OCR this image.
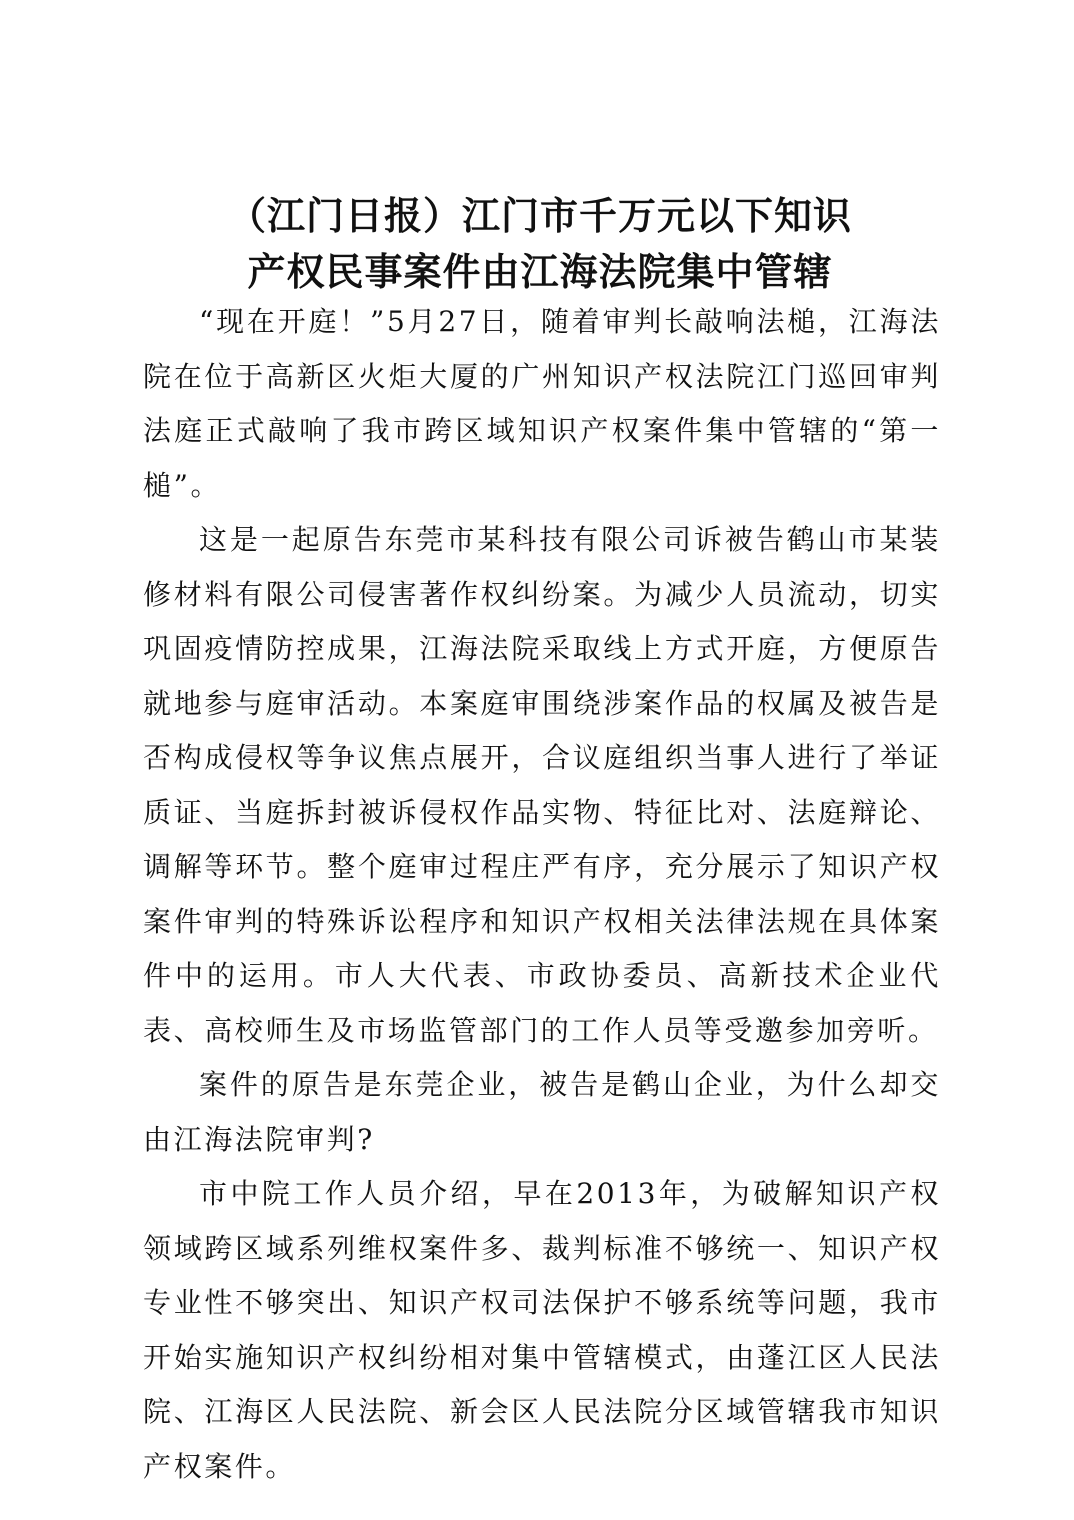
（江门日报）江门市千万元以下知识
产权民事案件由江海法院集中管辖

“现在开庭！”5月27日，随着审判长敲响法槌，江海法院在位于高新区火炬大厦的广州知识产权法院江门巡回审判法庭正式敲响了我市跨区域知识产权案件集中管辖的“第一槌”。

这是一起原告东莞市某科技有限公司诉被告鹤山市某装修材料有限公司侵害著作权纠纷案。为减少人员流动，切实巩固疫情防控成果，江海法院采取线上方式开庭，方便原告就地参与庭审活动。本案庭审围绕涉案作品的权属及被告是否构成侵权等争议焦点展开，合议庭组织当事人进行了举证质证、当庭拆封被诉侵权作品实物、特征比对、法庭辩论、调解等环节。整个庭审过程庄严有序，充分展示了知识产权案件审判的特殊诉讼程序和知识产权相关法律法规在具体案件中的运用。市人大代表、市政协委员、高新技术企业代表、高校师生及市场监管部门的工作人员等受邀参加旁听。

案件的原告是东莞企业，被告是鹤山企业，为什么却交由江海法院审判?

市中院工作人员介绍，早在2013年，为破解知识产权领域跨区域系列维权案件多、裁判标准不够统一、知识产权专业性不够突出、知识产权司法保护不够系统等问题，我市开始实施知识产权纠纷相对集中管辖模式，由蓬江区人民法院、江海区人民法院、新会区人民法院分区域管辖我市知识产权案件。
